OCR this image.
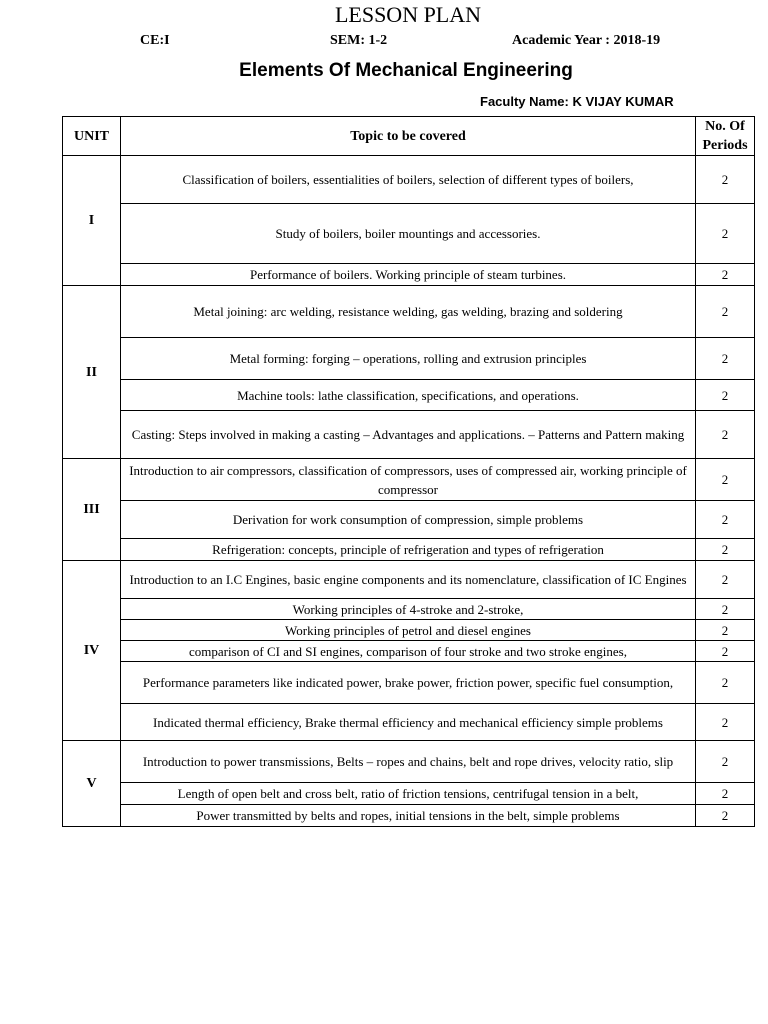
LESSON PLAN
CE:I	SEM: 1-2	Academic Year : 2018-19
Elements Of Mechanical Engineering
Faculty Name: K VIJAY KUMAR
UNIT	Topic to be covered	No. Of Periods
I	Classification of boilers, essentialities of boilers, selection of different types of boilers,	2
	Study of boilers, boiler mountings and accessories.	2
	Performance of boilers. Working principle of steam turbines.	2
II	Metal joining: arc welding, resistance welding, gas welding, brazing and soldering	2
	Metal forming: forging – operations, rolling and extrusion principles	2
	Machine tools: lathe classification, specifications, and operations.	2
	Casting: Steps involved in making a casting – Advantages and applications. – Patterns and Pattern making	2
III	Introduction to air compressors, classification of compressors, uses of compressed air, working principle of compressor	2
	Derivation for work consumption of compression, simple problems	2
	Refrigeration: concepts, principle of refrigeration and types of refrigeration	2
IV	Introduction to an I.C Engines, basic engine components and its nomenclature, classification of IC Engines	2
	Working principles of 4-stroke and 2-stroke,	2
	Working principles of petrol and diesel engines	2
	comparison of CI and SI engines, comparison of four stroke and two stroke engines,	2
	Performance parameters like indicated power, brake power, friction power, specific fuel consumption,	2
	Indicated thermal efficiency, Brake thermal efficiency and mechanical efficiency simple problems	2
V	Introduction to power transmissions, Belts – ropes and chains, belt and rope drives, velocity ratio, slip	2
	Length of open belt and cross belt, ratio of friction tensions, centrifugal tension in a belt,	2
	Power transmitted by belts and ropes, initial tensions in the belt, simple problems	2
